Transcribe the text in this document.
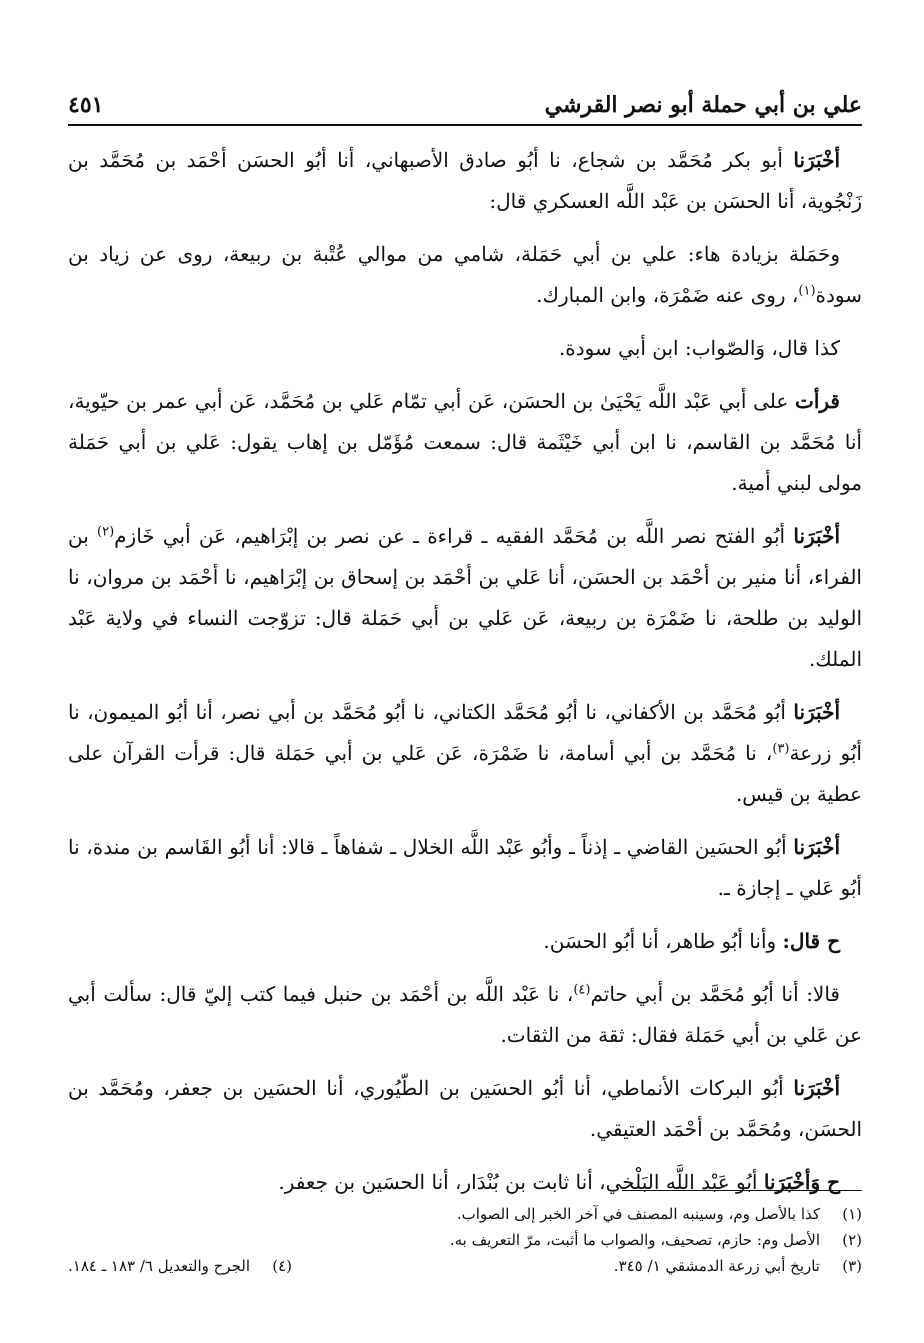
علي بن أبي حملة أبو نصر القرشي
٤٥١

أخْبَرَنا أبو بكر مُحَمَّد بن شجاع، نا أبُو صادق الأصبهاني، أنا أبُو الحسَن أحْمَد بن مُحَمَّد بن زَنْجُوية، أنا الحسَن بن عَبْد اللَّه العسكري قال:

وحَمَلة بزيادة هاء: علي بن أبي حَمَلة، شامي من موالي عُتْبة بن ربيعة، روى عن زياد بن سودة$^{(١)}$، روى عنه ضَمْرَة، وابن المبارك.

كذا قال، وَالصّواب: ابن أبي سودة.

قرأت على أبي عَبْد اللَّه يَحْيَىٰ بن الحسَن، عَن أبي تمّام عَلي بن مُحَمَّد، عَن أبي عمر بن حيّوية، أنا مُحَمَّد بن القاسم، نا ابن أبي خَيْثَمة قال: سمعت مُؤَمّل بن إهاب يقول: عَلي بن أبي حَمَلة مولى لبني أمية.

أخْبَرَنا أبُو الفتح نصر اللَّه بن مُحَمَّد الفقيه ـ قراءة ـ عن نصر بن إبْرَاهيم، عَن أبي خَازم$^{(٢)}$ بن الفراء، أنا منير بن أحْمَد بن الحسَن، أنا عَلي بن أحْمَد بن إسحاق بن إبْرَاهيم، نا أحْمَد بن مروان، نا الوليد بن طلحة، نا ضَمْرَة بن ربيعة، عَن عَلي بن أبي حَمَلة قال: تزوّجت النساء في ولاية عَبْد الملك.

أخْبَرَنا أبُو مُحَمَّد بن الأكفاني، نا أبُو مُحَمَّد الكتاني، نا أبُو مُحَمَّد بن أبي نصر، أنا أبُو الميمون، نا أبُو زرعة$^{(٣)}$، نا مُحَمَّد بن أبي أسامة، نا ضَمْرَة، عَن عَلي بن أبي حَمَلة قال: قرأت القرآن على عطية بن قيس.

أخْبَرَنا أبُو الحسَين القاضي ـ إذناً ـ وأبُو عَبْد اللَّه الخلال ـ شفاهاً ـ قالا: أنا أبُو القَاسم بن مندة، نا أبُو عَلي ـ إجازة ـ.

ح قال: وأنا أبُو طاهر، أنا أبُو الحسَن.

قالا: أنا أبُو مُحَمَّد بن أبي حاتم$^{(٤)}$، نا عَبْد اللَّه بن أحْمَد بن حنبل فيما كتب إليّ قال: سألت أبي عن عَلي بن أبي حَمَلة فقال: ثقة من الثقات.

أخْبَرَنا أبُو البركات الأنماطي، أنا أبُو الحسَين بن الطّيُوري، أنا الحسَين بن جعفر، ومُحَمَّد بن الحسَن، ومُحَمَّد بن أحْمَد العتيقي.

ح وَأخْبَرَنا أبُو عَبْد اللَّه البَلْخي، أنا ثابت بن بُنْدَار، أنا الحسَين بن جعفر.

(١)
كذا بالأصل وم، وسينبه المصنف في آخر الخبر إلى الصواب.
(٢)
الأصل وم: حازم، تصحيف، والصواب ما أثبت، مرّ التعريف به.
(٣)
تاريخ أبي زرعة الدمشقي ١/ ٣٤٥.
(٤)
الجرح والتعديل ٦/ ١٨٣ ـ ١٨٤.
